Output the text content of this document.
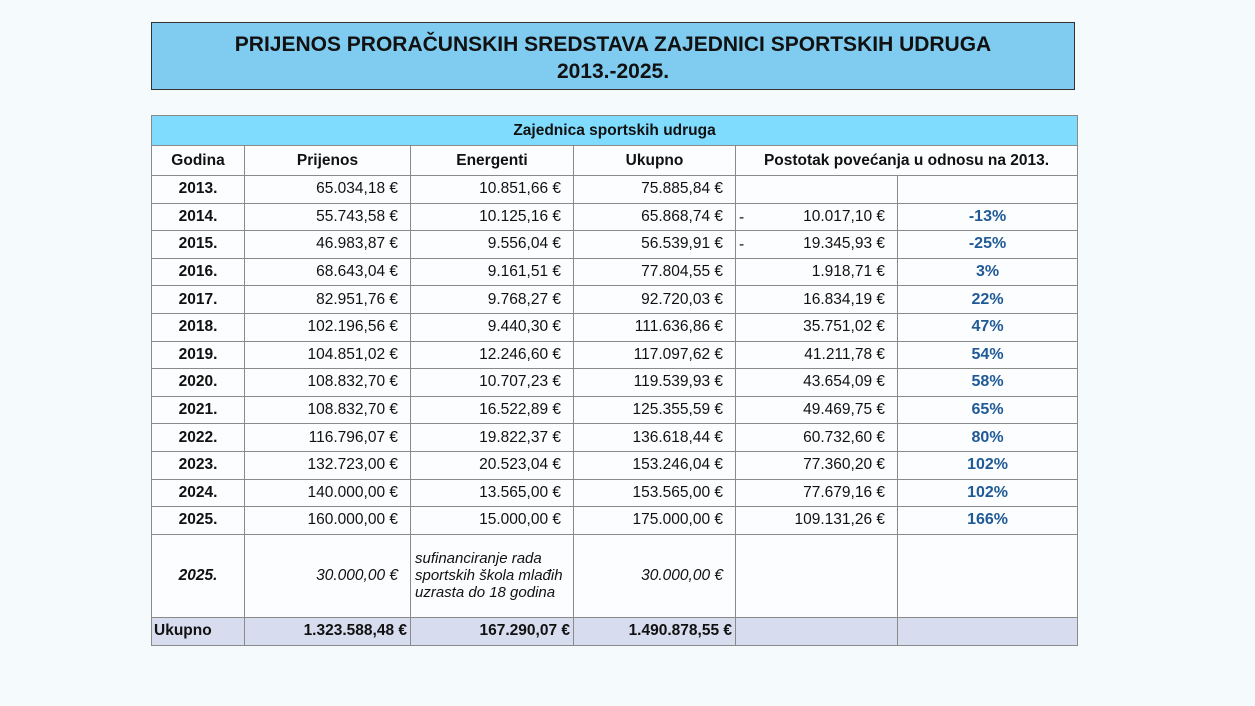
PRIJENOS PRORAČUNSKIH SREDSTAVA ZAJEDNICI SPORTSKIH UDRUGA
2013.-2025.
Zajednica sportskih udruga					
Godina	Prijenos	Energenti	Ukupno	Postotak povećanja u odnosu na 2013.	
2013.	65.034,18 €	10.851,66 €	75.885,84 €	

2014.	55.743,58 €	10.125,16 €	65.868,74 €	- 10.017,10 €	-13%
2015.	46.983,87 €	9.556,04 €	56.539,91 €	- 19.345,93 €	-25%
2016.	68.643,04 €	9.161,51 €	77.804,55 €	1.918,71 €	3%
2017.	82.951,76 €	9.768,27 €	92.720,03 €	16.834,19 €	22%
2018.	102.196,56 €	9.440,30 €	111.636,86 €	35.751,02 €	47%
2019.	104.851,02 €	12.246,60 €	117.097,62 €	41.211,78 €	54%
2020.	108.832,70 €	10.707,23 €	119.539,93 €	43.654,09 €	58%
2021.	108.832,70 €	16.522,89 €	125.355,59 €	49.469,75 €	65%
2022.	116.796,07 €	19.822,37 €	136.618,44 €	60.732,60 €	80%
2023.	132.723,00 €	20.523,04 €	153.246,04 €	77.360,20 €	102%
2024.	140.000,00 €	13.565,00 €	153.565,00 €	77.679,16 €	102%
2025.	160.000,00 €	15.000,00 €	175.000,00 €	109.131,26 €	166%
2025.	30.000,00 €	sufinanciranje rada sportskih škola mlađih uzrasta do 18 godina	30.000,00 €		
Ukupno	1.323.588,48 €	167.290,07 €	1.490.878,55 €		
